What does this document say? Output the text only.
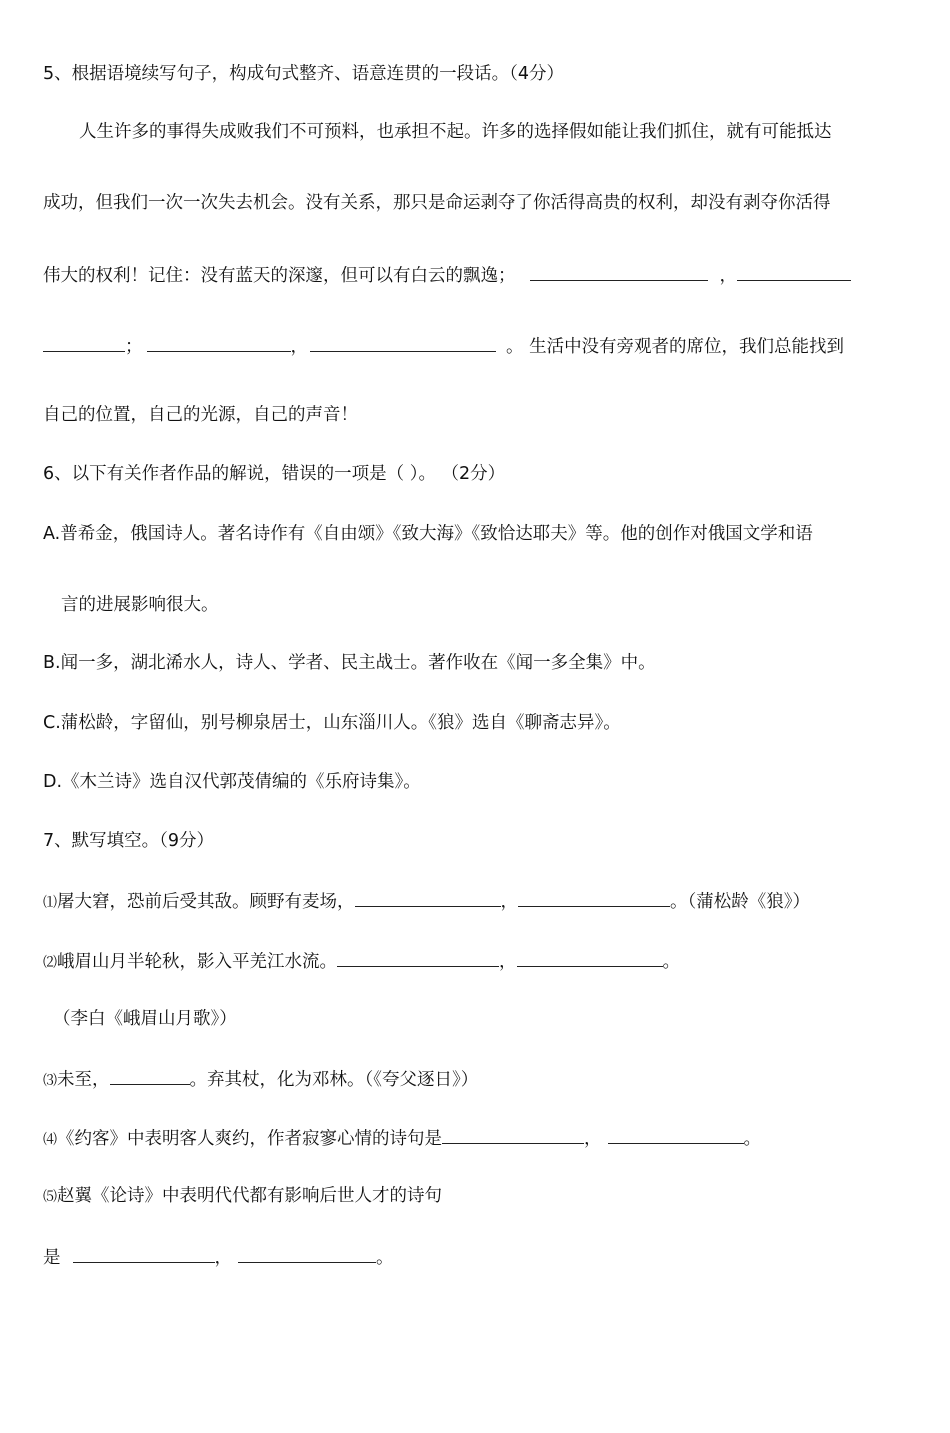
5、根据语境续写句子，构成句式整齐、语意连贯的一段话。（4分）
人生许多的事得失成败我们不可预料，也承担不起。许多的选择假如能让我们抓住，就有可能抵达
成功，但我们一次一次失去机会。没有关系，那只是命运剥夺了你活得高贵的权利，却没有剥夺你活得
伟大的权利！记住：没有蓝天的深邃，但可以有白云的飘逸；	，
；	，	。 生活中没有旁观者的席位，我们总能找到
自己的位置，自己的光源，自己的声音！
6、以下有关作者作品的解说，错误的一项是（ ）。 （2分）
A.普希金，俄国诗人。著名诗作有《自由颂》《致大海》《致恰达耶夫》等。他的创作对俄国文学和语
言的进展影响很大。
B.闻一多，湖北浠水人，诗人、学者、民主战士。著作收在《闻一多全集》中。
C.蒲松龄，字留仙，别号柳泉居士，山东淄川人。《狼》选自《聊斋志异》。
D.《木兰诗》选自汉代郭茂倩编的《乐府诗集》。
7、默写填空。（9分）
⑴屠大窘，恐前后受其敌。顾野有麦场，	，	。（蒲松龄《狼》）
⑵峨眉山月半轮秋，影入平羌江水流。	，	。
（李白《峨眉山月歌》）
⑶未至，	。弃其杖，化为邓林。（《夸父逐日》）
⑷《约客》中表明客人爽约，作者寂寥心情的诗句是	，	。
⑸赵翼《论诗》中表明代代都有影响后世人才的诗句
是	，	。
